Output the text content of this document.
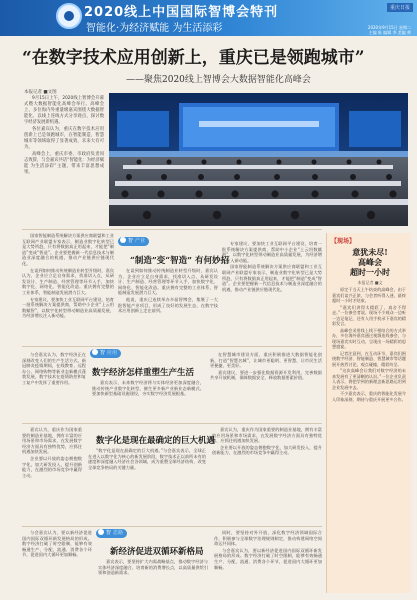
2020线上中国国际智博会特刊
智能化·为经济赋能 为生活添彩
重庆日报
2020年9月15日 星期二
主编 陈 编辑 李 美编 黄
“在数字技术应用创新上，重庆已是领跑城市”
——聚焦2020线上智博会大数据智能化高峰会
本报记者 ■文图

9月15日上午，2020线上智博会开幕式暨大数据智能化高峰会举行。高峰会上，多位海内外重量级嘉宾围绕大数据智能化、以线上连线方式分享观点，探讨数字经济发展新机遇。

各位嘉宾认为，重庆在数字技术应用创新上已是领跑城市，在智能制造、智慧城市等领域取得了显著成效，未来大有可为。

高峰会上，重庆市委、市政府负责同志致辞，与会嘉宾共话“智能化：为经济赋能 为生活添彩”主题，带来丰富思想成果。

国家智能制造系统解决方案供应商联盟和工业互联网产业联盟专家表示，制造业数字化转型已是大势所趋，只有将数据真正用起来，才能把“制造”变成“智造”。企业要把握新一代信息技术与制造业深度融合的机遇，推动产业链供应链现代化。

在谈到如何推动传统制造业转型升级时，嘉宾认为，企业应立足自身需求，找准切入点，从研发设计、生产制造、经营管理等环节入手，加快数字化、网络化、智能化改造。重庆拥有完整的工业体系，智能制造发展潜力巨大。

专家建议，要加快工业互联网平台建设，培育一批系统解决方案提供商，帮助中小企业“上云用数赋智”，以数字化转型带动制造业高质量发展，为经济增长注入新动能。

智 产业
“制造”变“智造” 有何妙招

在谈到如何推动传统制造业转型升级时，嘉宾认为，企业应立足自身需求，找准切入点，从研发设计、生产制造、经营管理等环节入手，加快数字化、网络化、智能化改造。重庆拥有完整的工业体系，智能制造发展潜力巨大。

他说，重庆已连续举办多届智博会，集聚了一大批智能产业项目，形成了良好的发展生态，在数字技术应用创新上走在前列。

专家建议，要加快工业互联网平台建设，培育一批系统解决方案提供商，帮助中小企业“上云用数赋智”，以数字化转型带动制造业高质量发展，为经济增长注入新动能。

国家智能制造系统解决方案供应商联盟和工业互联网产业联盟专家表示，制造业数字化转型已是大势所趋，只有将数据真正用起来，才能把“制造”变成“智造”。企业要把握新一代信息技术与制造业深度融合的机遇，推动产业链供应链现代化。

智 应用

与会嘉宾认为，数字经济正在深刻改变人们的生产生活方式。新冠肺炎疫情期间，在线教育、远程办公、网络购物等新业态新模式蓬勃发展，数字技术在疫情防控和复工复产中发挥了重要作用。

数字经济怎样重塑生产生活

嘉宾表示，未来数字经济将与实体经济更加深度融合，推动传统产业数字化转型，催生更多新产业新业态新模式。要加快新型基础设施建设，夯实数字经济发展根基。

在智慧城市建设方面，重庆积极推进大数据智能化创新，打造“智慧名城”，让城市更聪明、更智慧，让市民生活更便捷、更美好。

嘉宾建议，要进一步强化数据资源开发利用，完善数据共享开放机制，保障数据安全，释放数据要素价值。

嘉宾认为，重庆作为国家重要的制造业基地，拥有丰富的应用场景和市场需求，在发展数字经济方面具有独特优势，应抓住机遇加快发展。

企业要以开放的姿态拥抱数字化，加大研发投入，提升创新能力，在激烈的市场竞争中赢得主动。

数字化是现在最确定的巨大机遇

“数字化是现在最确定的巨大机遇。”与会嘉宾表示，全球正在进入以数字化为核心的新发展阶段，数字技术正以前所未有的速度和深度融入经济社会各领域，成为重塑全球经济结构、改变全球竞争格局的关键力量。

嘉宾认为，重庆作为国家重要的制造业基地，拥有丰富的应用场景和市场需求，在发展数字经济方面具有独特优势，应抓住机遇加快发展。

企业要以开放的姿态拥抱数字化，加大研发投入，提升创新能力，在激烈的市场竞争中赢得主动。

智 思路

与会嘉宾认为，要以新经济促进国内国际双循环新发展格局的形成。数字经济打破了时空限制，能够有效畅通生产、分配、流通、消费各个环节，促进国内大循环更加顺畅。	新经济促进双循环新格局

嘉宾表示，要坚持扩大内需战略基点，推动数字经济与实体经济深度融合，培育新的消费增长点，以高质量供给引领和创造新需求。

同时，要坚持对外开放，深化数字经济领域国际合作，积极参与全球数字治理规则制定，推动构建网络空间命运共同体。

与会嘉宾认为，要以新经济促进国内国际双循环新发展格局的形成。数字经济打破了时空限制，能够有效畅通生产、分配、流通、消费各个环节，促进国内大循环更加顺畅。

【现场】
意犹未尽!
高峰会
超时一小时
本报记者 ■文

原定于当天上午结束的高峰会，由于嘉宾们谈兴正浓，与会者听得入迷，最终超时一小时才结束。

“嘉宾们讲得太精彩了，真舍不得走。”一位参会者说。现场不少观众一边听一边记笔记，还有人用手机录下嘉宾的精彩发言。

高峰会采用线上线下相结合的方式举办，多位海外嘉宾通过视频连线参会，与现场嘉宾实时互动，呈现出一场精彩的思想盛宴。

记者注意到，在互动环节，嘉宾们围绕数字经济、智能制造、智慧城市等话题展开热烈讨论，观点碰撞，精彩纷呈。

“这次高峰会让我们对数字经济的未来发展有了更清晰的认识。”一位企业负责人表示，将把学到的新理念新思路运用到企业发展中去。

不少嘉宾表示，重庆的智能化发展令人印象深刻，期待与重庆开展更多合作。
